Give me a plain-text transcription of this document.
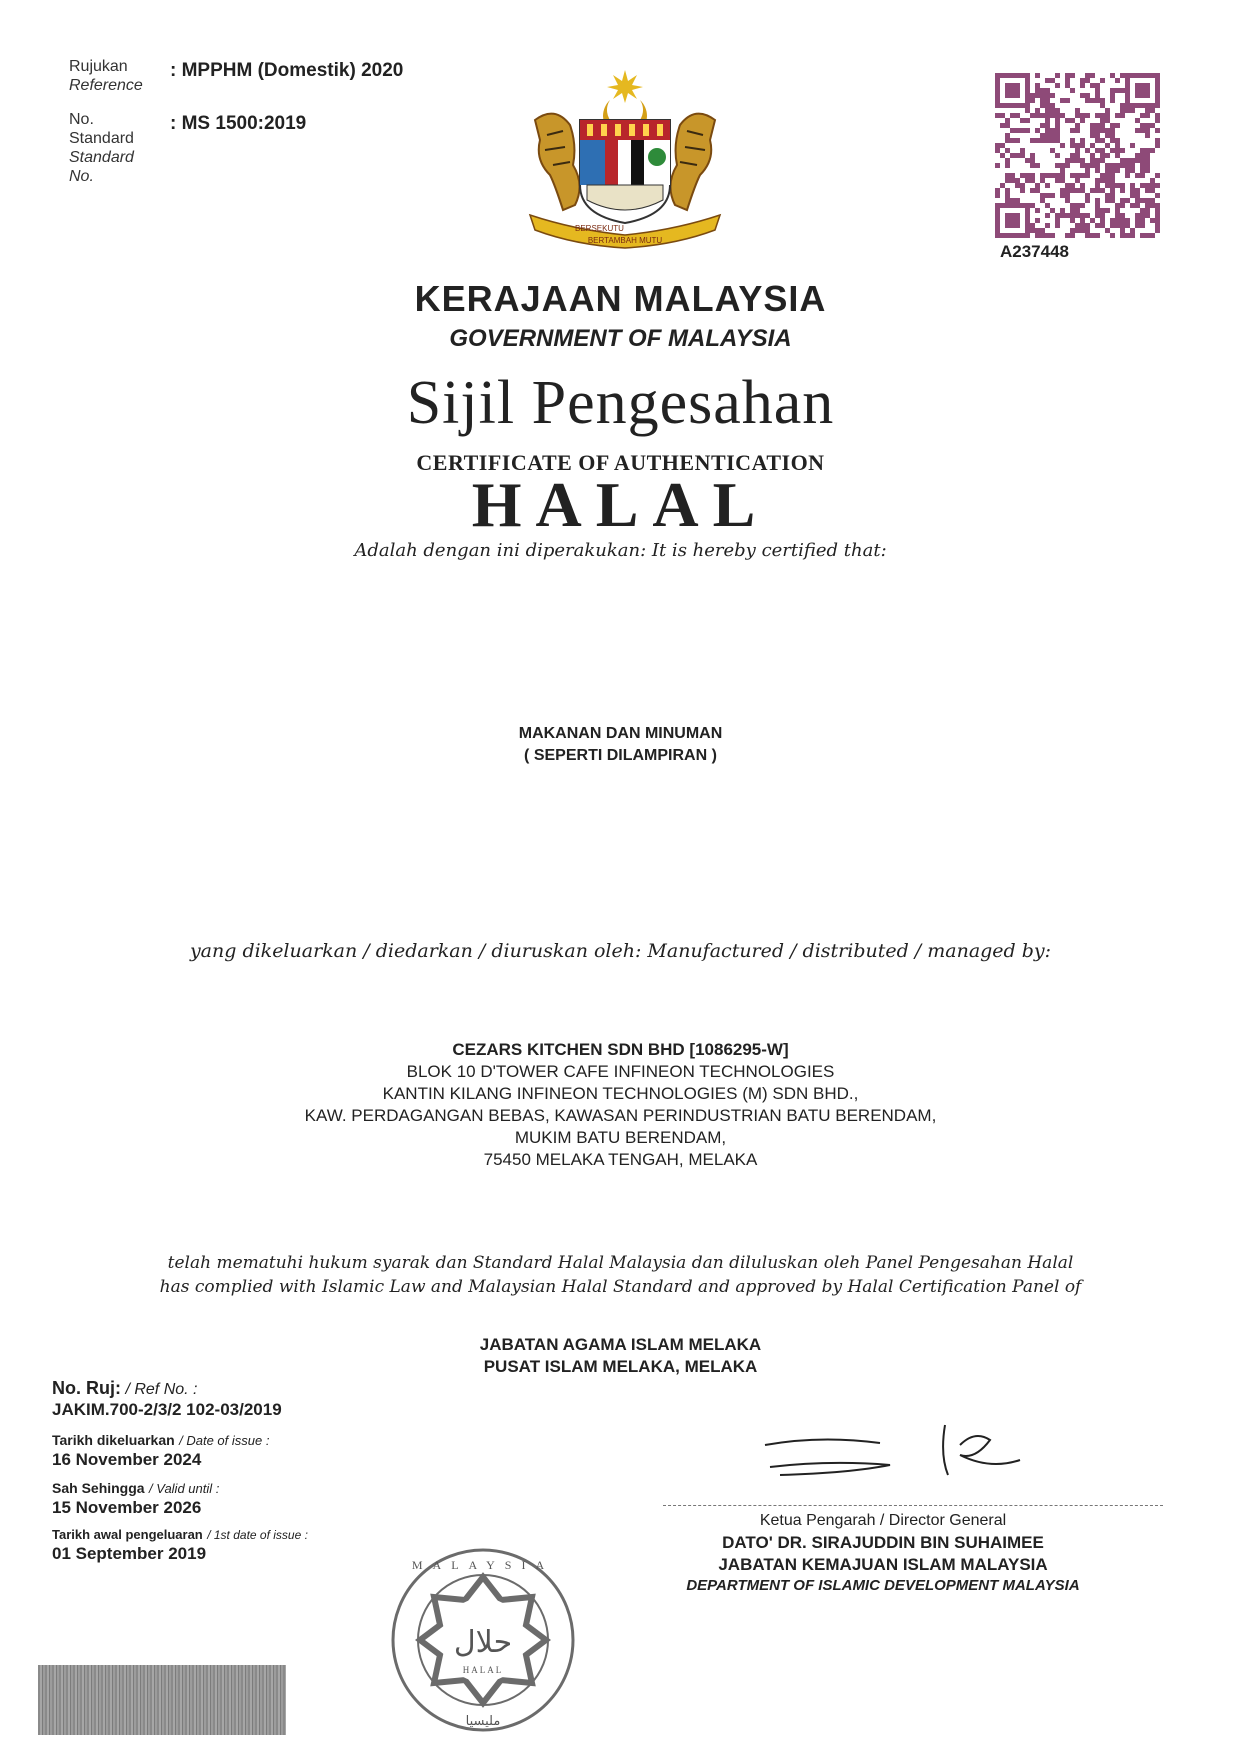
Rujukan
Reference
: MPPHM (Domestik) 2020
No.
Standard
Standard
No.
: MS 1500:2019
BERSEKUTU
BERTAMBAH MUTU
A237448
KERAJAAN MALAYSIA
GOVERNMENT OF MALAYSIA
Sijil Pengesahan
CERTIFICATE OF AUTHENTICATION
HALAL
Adalah dengan ini diperakukan: It is hereby certified that:
MAKANAN DAN MINUMAN
( SEPERTI DILAMPIRAN )
yang dikeluarkan / diedarkan / diuruskan oleh: Manufactured / distributed / managed by:
CEZARS KITCHEN SDN BHD [1086295-W]
BLOK 10 D'TOWER CAFE INFINEON TECHNOLOGIES
KANTIN KILANG INFINEON TECHNOLOGIES (M) SDN BHD.,
KAW. PERDAGANGAN BEBAS, KAWASAN PERINDUSTRIAN BATU BERENDAM,
MUKIM BATU BERENDAM,
75450 MELAKA TENGAH, MELAKA
telah mematuhi hukum syarak dan Standard Halal Malaysia dan diluluskan oleh Panel Pengesahan Halal
has complied with Islamic Law and Malaysian Halal Standard and approved by Halal Certification Panel of
JABATAN AGAMA ISLAM MELAKA
PUSAT ISLAM MELAKA, MELAKA
No. Ruj: / Ref No. :
JAKIM.700-2/3/2 102-03/2019
Tarikh dikeluarkan / Date of issue :
16 November 2024
Sah Sehingga / Valid until :
15 November 2026
Tarikh awal pengeluaran / 1st date of issue :
01 September 2019
حلال
HALAL
MALAYSIA
مليسيا
Ketua Pengarah / Director General
DATO' DR. SIRAJUDDIN BIN SUHAIMEE
JABATAN KEMAJUAN ISLAM MALAYSIA
DEPARTMENT OF ISLAMIC DEVELOPMENT MALAYSIA
